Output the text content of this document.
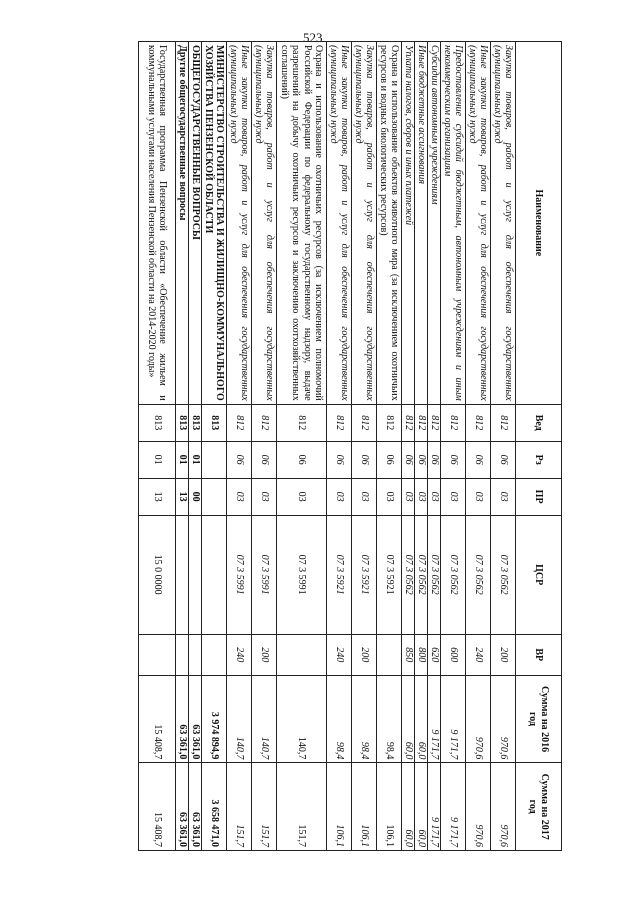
523
Наименование	Вед	Рз	ПР	ЦСР	ВР	Сумма на 2016 год	Сумма на 2017 год
Закупка товаров, работ и услуг для обеспечения государственных (муниципальных) нужд	812	06	03	07 3 0562	200	970,6	970,6
Иные закупки товаров, работ и услуг для обеспечения государственных (муниципальных) нужд	812	06	03	07 3 0562	240	970,6	970,6
Предоставление субсидий бюджетным, автономным учреждениям и иным некоммерческим организациям	812	06	03	07 3 0562	600	9 171,7	9 171,7
Субсидии автономным учреждениям	812	06	03	07 3 0562	620	9 171,7	9 171,7
Иные бюджетные ассигнования	812	06	03	07 3 0562	800	60,0	60,0
Уплата налогов, сборов и иных платежей	812	06	03	07 3 0562	850	60,0	60,0
Охрана и использование объектов животного мира (за исключением охотничьих ресурсов и водных биологических ресурсов)	812	06	03	07 3 5921		98,4	106,1
Закупка товаров, работ и услуг для обеспечения государственных (муниципальных) нужд	812	06	03	07 3 5921	200	98,4	106,1
Иные закупки товаров, работ и услуг для обеспечения государственных (муниципальных) нужд	812	06	03	07 3 5921	240	98,4	106,1
Охрана и использование охотничьих ресурсов (за исключением полномочий Российской Федерации по федеральному государственному надзору, выдаче разрешений на добычу охотничьих ресурсов и заключению охотхозяйственных соглашений)	812	06	03	07 3 5991		140,7	151,7
Закупка товаров, работ и услуг для обеспечения государственных (муниципальных) нужд	812	06	03	07 3 5991	200	140,7	151,7
Иные закупки товаров, работ и услуг для обеспечения государственных (муниципальных) нужд	812	06	03	07 3 5991	240	140,7	151,7
МИНИСТЕРСТВО СТРОИТЕЛЬСТВА И ЖИЛИЩНО-КОММУНАЛЬНОГО ХОЗЯЙСТВА ПЕНЗЕНСКОЙ ОБЛАСТИ	813					3 974 894,9	3 658 471,0
ОБЩЕГОСУДАРСТВЕННЫЕ ВОПРОСЫ	813	01	00			63 361,0	63 361,0
Другие общегосударственные вопросы	813	01	13			63 361,0	63 361,0
Государственная программа Пензенской области «Обеспечение жильем и коммунальными услугами населения Пензенской области на 2014-2020 годы»	813	01	13	15 0 0000		15 408,7	15 408,7
